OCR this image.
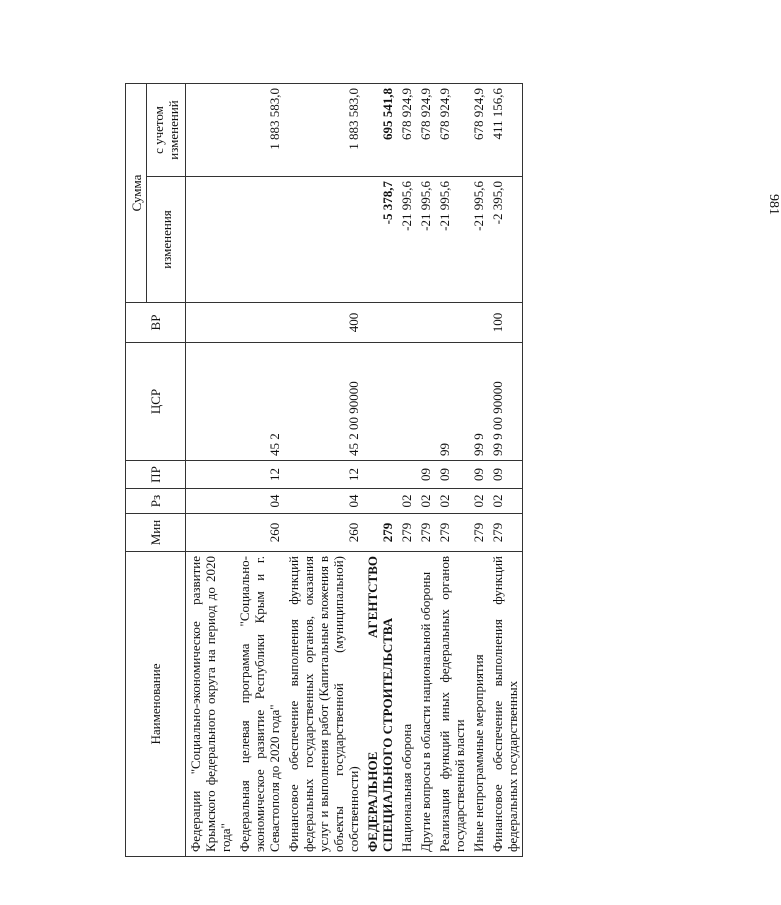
981
Наименование	Мин	Рз	ПР	ЦСР	ВР	Сумма	
						изменения	с учетом изменений
Федерации "Социально-экономическое развитие Крымского федерального округа на период до 2020 года"							
Федеральная целевая программа "Социально-экономическое развитие Республики Крым и г. Севастополя до 2020 года"	260	04	12	45 2			1 883 583,0
Финансовое обеспечение выполнения функций федеральных государственных органов, оказания услуг и выполнения работ (Капитальные вложения в объекты государственной (муниципальной) собственности)	260	04	12	45 2 00 90000	400		1 883 583,0
ФЕДЕРАЛЬНОЕ АГЕНТСТВО СПЕЦИАЛЬНОГО СТРОИТЕЛЬСТВА	279					-5 378,7	695 541,8
Национальная оборона	279	02				-21 995,6	678 924,9
Другие вопросы в области национальной обороны	279	02	09			-21 995,6	678 924,9
Реализация функций иных федеральных органов государственной власти	279	02	09	99		-21 995,6	678 924,9
Иные непрограммные мероприятия	279	02	09	99 9		-21 995,6	678 924,9
Финансовое обеспечение выполнения функций федеральных государственных	279	02	09	99 9 00 90000	100	-2 395,0	411 156,6
